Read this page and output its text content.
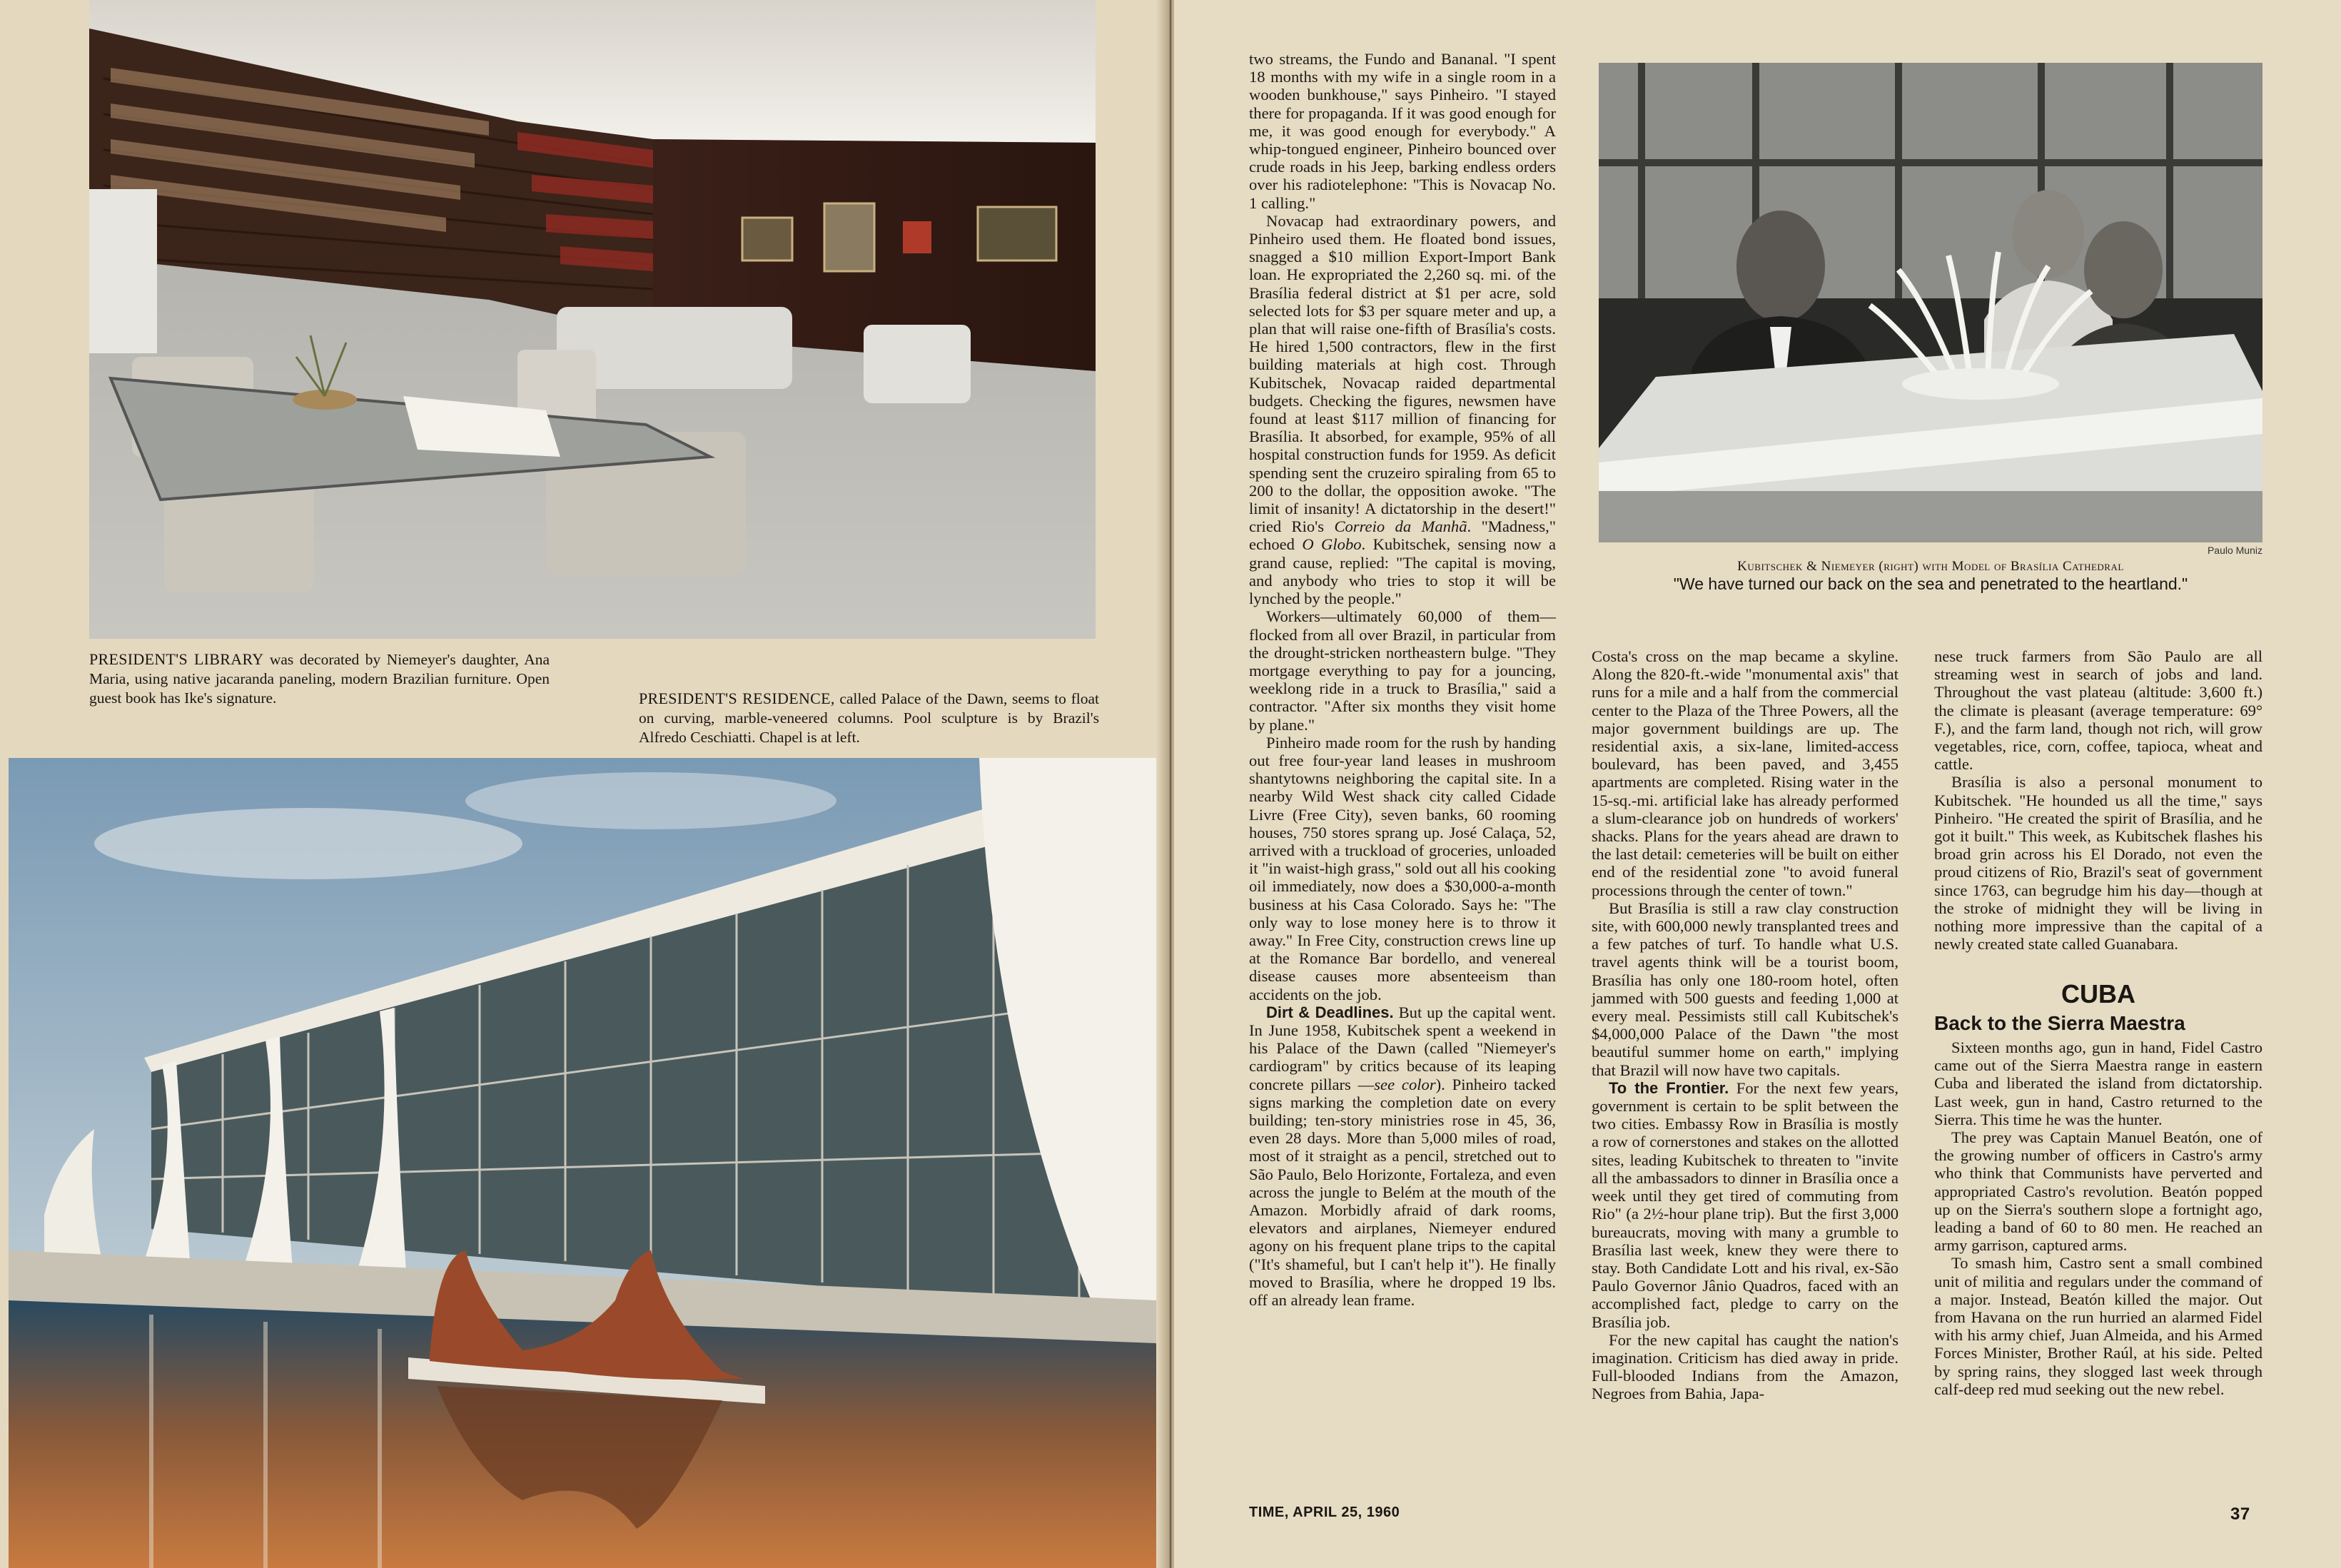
PRESIDENT'S LIBRARY was decorated by Niemeyer's daughter, Ana Maria, using native jacaranda paneling, modern Brazilian furniture. Open guest book has Ike's signature.	PRESIDENT'S RESIDENCE, called Palace of the Dawn, seems to float on curving, marble-veneered columns. Pool sculpture is by Brazil's Alfredo Ceschiatti. Chapel is at left.

two streams, the Fundo and Bananal. "I spent 18 months with my wife in a single room in a wooden bunkhouse," says Pinheiro. "I stayed there for propaganda. If it was good enough for me, it was good enough for everybody." A whip-tongued engineer, Pinheiro bounced over crude roads in his Jeep, barking endless orders over his radiotelephone: "This is Novacap No. 1 calling."

Novacap had extraordinary powers, and Pinheiro used them. He floated bond issues, snagged a $10 million Export-Import Bank loan. He expropriated the 2,260 sq. mi. of the Brasília federal district at $1 per acre, sold selected lots for $3 per square meter and up, a plan that will raise one-fifth of Brasília's costs. He hired 1,500 contractors, flew in the first building materials at high cost. Through Kubitschek, Novacap raided departmental budgets. Checking the figures, newsmen have found at least $117 million of financing for Brasília. It absorbed, for example, 95% of all hospital construction funds for 1959. As deficit spending sent the cruzeiro spiraling from 65 to 200 to the dollar, the opposition awoke. "The limit of insanity! A dictatorship in the desert!" cried Rio's Correio da Manhã. "Madness," echoed O Globo. Kubitschek, sensing now a grand cause, replied: "The capital is moving, and anybody who tries to stop it will be lynched by the people."

Workers—ultimately 60,000 of them—flocked from all over Brazil, in particular from the drought-stricken northeastern bulge. "They mortgage everything to pay for a jouncing, weeklong ride in a truck to Brasília," said a contractor. "After six months they visit home by plane."

Pinheiro made room for the rush by handing out free four-year land leases in mushroom shantytowns neighboring the capital site. In a nearby Wild West shack city called Cidade Livre (Free City), seven banks, 60 rooming houses, 750 stores sprang up. José Calaça, 52, arrived with a truckload of groceries, unloaded it "in waist-high grass," sold out all his cooking oil immediately, now does a $30,000-a-month business at his Casa Colorado. Says he: "The only way to lose money here is to throw it away." In Free City, construction crews line up at the Romance Bar bordello, and venereal disease causes more absenteeism than accidents on the job.

Dirt & Deadlines. But up the capital went. In June 1958, Kubitschek spent a weekend in his Palace of the Dawn (called "Niemeyer's cardiogram" by critics because of its leaping concrete pillars —see color). Pinheiro tacked signs marking the completion date on every building; ten-story ministries rose in 45, 36, even 28 days. More than 5,000 miles of road, most of it straight as a pencil, stretched out to São Paulo, Belo Horizonte, Fortaleza, and even across the jungle to Belém at the mouth of the Amazon. Morbidly afraid of dark rooms, elevators and airplanes, Niemeyer endured agony on his frequent plane trips to the capital ("It's shameful, but I can't help it"). He finally moved to Brasília, where he dropped 19 lbs. off an already lean frame.

Paulo Muniz
Kubitschek & Niemeyer (right) with Model of Brasília Cathedral
"We have turned our back on the sea and penetrated to the heartland."

Costa's cross on the map became a skyline. Along the 820-ft.-wide "monumental axis" that runs for a mile and a half from the commercial center to the Plaza of the Three Powers, all the major government buildings are up. The residential axis, a six-lane, limited-access boulevard, has been paved, and 3,455 apartments are completed. Rising water in the 15-sq.-mi. artificial lake has already performed a slum-clearance job on hundreds of workers' shacks. Plans for the years ahead are drawn to the last detail: cemeteries will be built on either end of the residential zone "to avoid funeral processions through the center of town."

But Brasília is still a raw clay construction site, with 600,000 newly transplanted trees and a few patches of turf. To handle what U.S. travel agents think will be a tourist boom, Brasília has only one 180-room hotel, often jammed with 500 guests and feeding 1,000 at every meal. Pessimists still call Kubitschek's $4,000,000 Palace of the Dawn "the most beautiful summer home on earth," implying that Brazil will now have two capitals.

To the Frontier. For the next few years, government is certain to be split between the two cities. Embassy Row in Brasília is mostly a row of cornerstones and stakes on the allotted sites, leading Kubitschek to threaten to "invite all the ambassadors to dinner in Brasília once a week until they get tired of commuting from Rio" (a 2½-hour plane trip). But the first 3,000 bureaucrats, moving with many a grumble to Brasília last week, knew they were there to stay. Both Candidate Lott and his rival, ex-São Paulo Governor Jânio Quadros, faced with an accomplished fact, pledge to carry on the Brasília job.

For the new capital has caught the nation's imagination. Criticism has died away in pride. Full-blooded Indians from the Amazon, Negroes from Bahia, Japa-

nese truck farmers from São Paulo are all streaming west in search of jobs and land. Throughout the vast plateau (altitude: 3,600 ft.) the climate is pleasant (average temperature: 69° F.), and the farm land, though not rich, will grow vegetables, rice, corn, coffee, tapioca, wheat and cattle.

Brasília is also a personal monument to Kubitschek. "He hounded us all the time," says Pinheiro. "He created the spirit of Brasília, and he got it built." This week, as Kubitschek flashes his broad grin across his El Dorado, not even the proud citizens of Rio, Brazil's seat of government since 1763, can begrudge him his day—though at the stroke of midnight they will be living in nothing more impressive than the capital of a newly created state called Guanabara.

CUBA
Back to the Sierra Maestra

Sixteen months ago, gun in hand, Fidel Castro came out of the Sierra Maestra range in eastern Cuba and liberated the island from dictatorship. Last week, gun in hand, Castro returned to the Sierra. This time he was the hunter.

The prey was Captain Manuel Beatón, one of the growing number of officers in Castro's army who think that Communists have perverted and appropriated Castro's revolution. Beatón popped up on the Sierra's southern slope a fortnight ago, leading a band of 60 to 80 men. He reached an army garrison, captured arms.

To smash him, Castro sent a small combined unit of militia and regulars under the command of a major. Instead, Beatón killed the major. Out from Havana on the run hurried an alarmed Fidel with his army chief, Juan Almeida, and his Armed Forces Minister, Brother Raúl, at his side. Pelted by spring rains, they slogged last week through calf-deep red mud seeking out the new rebel.

TIME, APRIL 25, 1960	37
